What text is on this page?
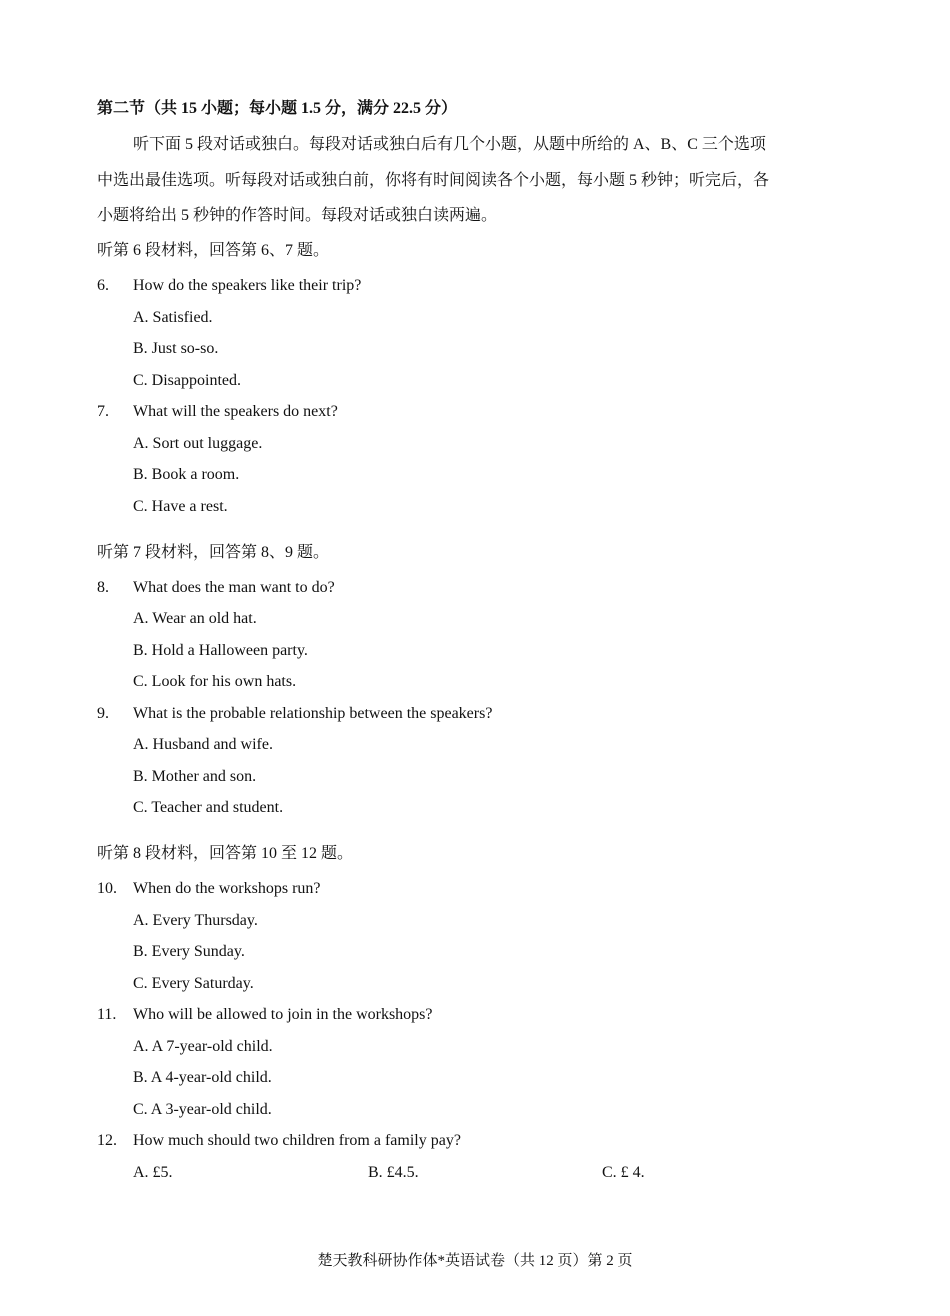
第二节（共 15 小题；每小题 1.5 分，满分 22.5 分）
听下面 5 段对话或独白。每段对话或独白后有几个小题，从题中所给的 A、B、C 三个选项
中选出最佳选项。听每段对话或独白前，你将有时间阅读各个小题，每小题 5 秒钟；听完后，各
小题将给出 5 秒钟的作答时间。每段对话或独白读两遍。
听第 6 段材料，回答第 6、7 题。
6. How do the speakers like their trip?
A. Satisfied.
B. Just so-so.
C. Disappointed.
7. What will the speakers do next?
A. Sort out luggage.
B. Book a room.
C. Have a rest.
听第 7 段材料，回答第 8、9 题。
8. What does the man want to do?
A. Wear an old hat.
B. Hold a Halloween party.
C. Look for his own hats.
9. What is the probable relationship between the speakers?
A. Husband and wife.
B. Mother and son.
C. Teacher and student.
听第 8 段材料，回答第 10 至 12 题。
10. When do the workshops run?
A. Every Thursday.
B. Every Sunday.
C. Every Saturday.
11. Who will be allowed to join in the workshops?
A. A 7-year-old child.
B. A 4-year-old child.
C. A 3-year-old child.
12. How much should two children from a family pay?
A. £5.	B. £4.5.	C. £ 4.
楚天教科研协作体*英语试卷（共 12 页）第 2 页
